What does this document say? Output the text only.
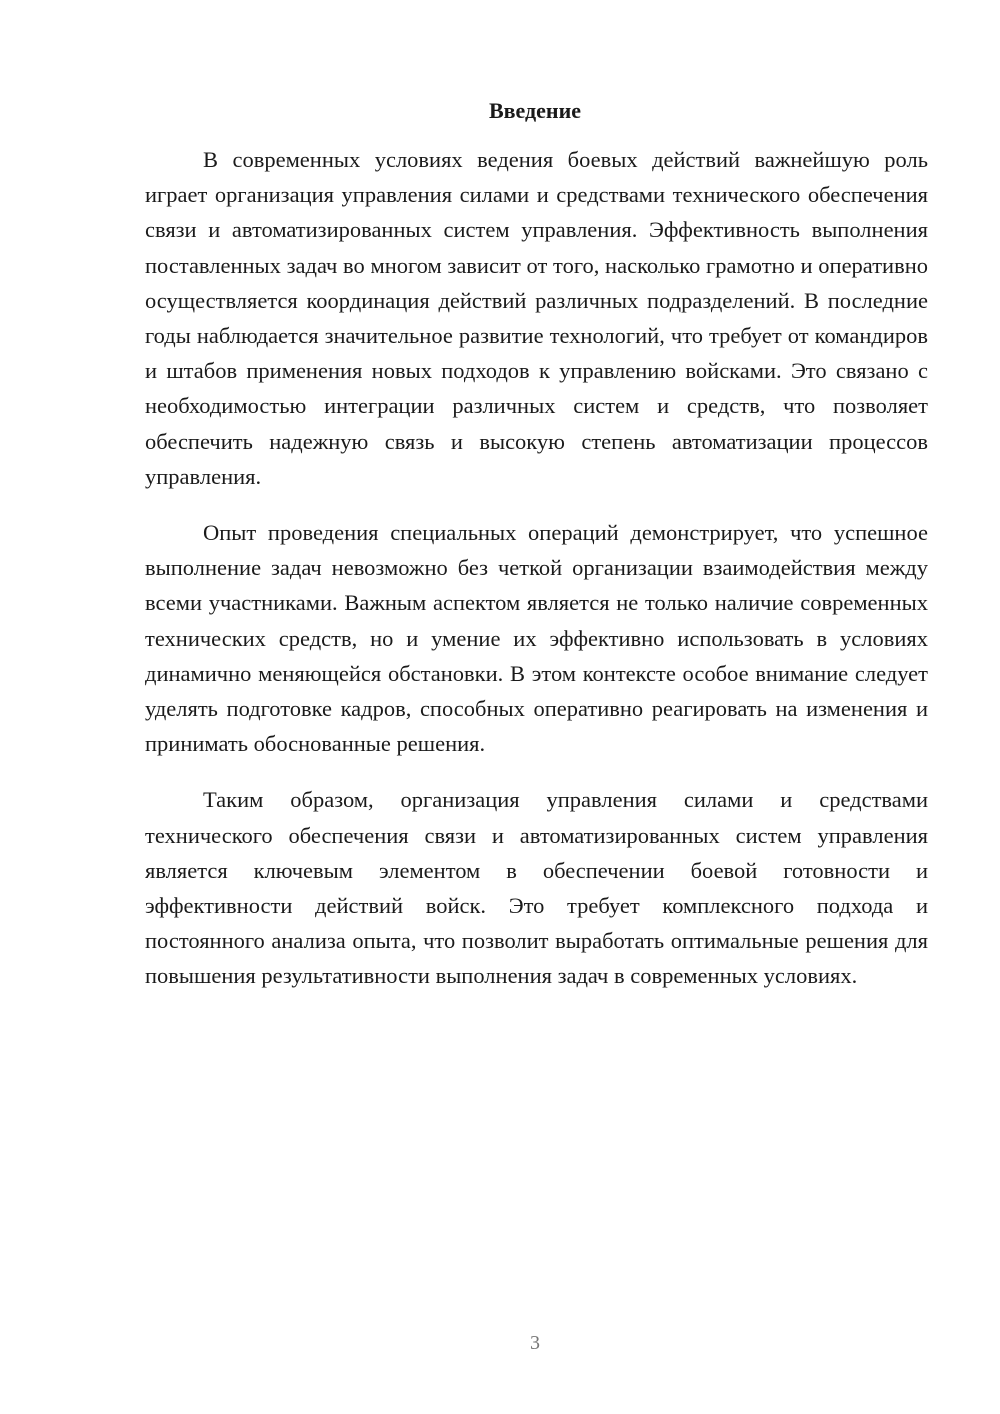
Введение

В современных условиях ведения боевых действий важнейшую роль играет организация управления силами и средствами технического обеспечения связи и автоматизированных систем управления. Эффективность выполнения поставленных задач во многом зависит от того, насколько грамотно и оперативно осуществляется координация действий различных подразделений. В последние годы наблюдается значительное развитие технологий, что требует от командиров и штабов применения новых подходов к управлению войсками. Это связано с необходимостью интеграции различных систем и средств, что позволяет обеспечить надежную связь и высокую степень автоматизации процессов управления.

Опыт проведения специальных операций демонстрирует, что успешное выполнение задач невозможно без четкой организации взаимодействия между всеми участниками. Важным аспектом является не только наличие современных технических средств, но и умение их эффективно использовать в условиях динамично меняющейся обстановки. В этом контексте особое внимание следует уделять подготовке кадров, способных оперативно реагировать на изменения и принимать обоснованные решения.

Таким образом, организация управления силами и средствами технического обеспечения связи и автоматизированных систем управления является ключевым элементом в обеспечении боевой готовности и эффективности действий войск. Это требует комплексного подхода и постоянного анализа опыта, что позволит выработать оптимальные решения для повышения результативности выполнения задач в современных условиях.

3
